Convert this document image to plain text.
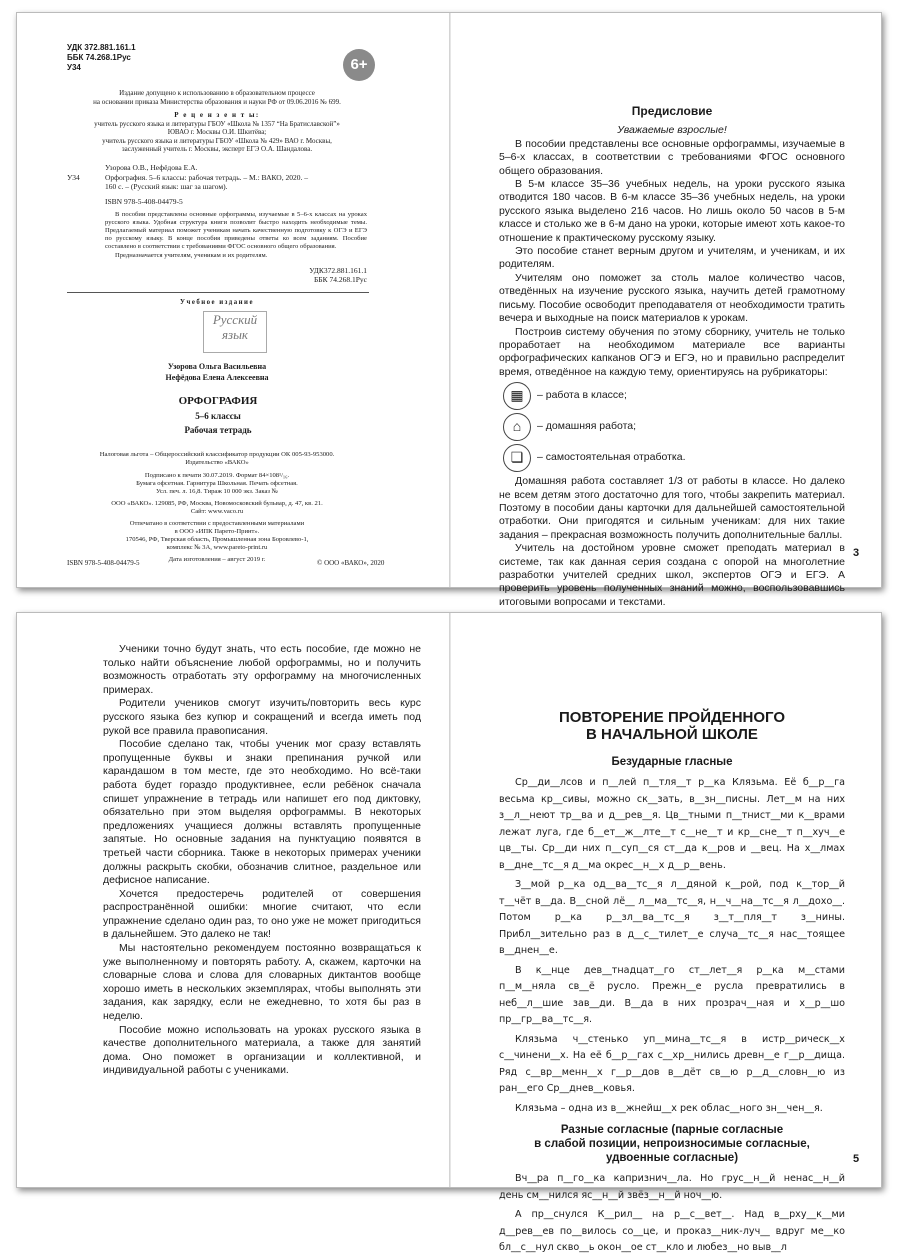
УДК 372.881.161.1
ББК 74.268.1Рус
У34	6+
Издание допущено к использованию в образовательном процессе
на основании приказа Министерства образования и науки РФ от 09.06.2016 № 699.
Р е ц е н з е н т ы:
учитель русского языка и литературы ГБОУ «Школа № 1357 “На Братиславской”»
ЮВАО г. Москвы О.И. Шкитёва;
учитель русского языка и литературы ГБОУ «Школа № 429» ВАО г. Москвы,
заслуженный учитель г. Москвы, эксперт ЕГЭ О.А. Шандалова.
Узорова О.В., Нефёдова Е.А.
У34	Орфография. 5–6 классы: рабочая тетрадь. – М.: ВАКО, 2020. –
160 с. – (Русский язык: шаг за шагом).
ISBN 978-5-408-04479-5
В пособии представлены основные орфограммы, изучаемые в 5–6-х классах на уроках русского языка. Удобная структура книги позволит быстро находить необходимые темы. Предлагаемый материал поможет ученикам начать качественную подготовку к ОГЭ и ЕГЭ по русскому языку. В конце пособия приведены ответы ко всем заданиям. Пособие составлено в соответствии с требованиями ФГОС основного общего образования.
Предназначается учителям, ученикам и их родителям.
УДК372.881.161.1
ББК 74.268.1Рус
Учебное издание
Русский язык
Узорова Ольга Васильевна
Нефёдова Елена Алексеевна
ОРФОГРАФИЯ
5–6 классы
Рабочая тетрадь
Налоговая льгота – Общероссийский классификатор продукции ОК 005-93-953000.
Издательство «ВАКО»
Подписано к печати 30.07.2019. Формат 84×108¹/₁₆.
Бумага офсетная. Гарнитура Школьная. Печать офсетная.
Усл. печ. л. 16,8. Тираж 10 000 экз. Заказ №
ООО «ВАКО». 129085, РФ, Москва, Новомосковский бульвар, д. 47, кв. 21.
Сайт: www.vaco.ru
Отпечатано в соответствии с предоставленными материалами
в ООО «ИПК Парето-Принт».
170546, РФ, Тверская область, Промышленная зона Боровлево-1,
комплекс № 3А, www.pareto-print.ru
Дата изготовления – август 2019 г.
ISBN 978-5-408-04479-5	© ООО «ВАКО», 2020

Предисловие

Уважаемые взрослые!

В пособии представлены все основные орфограммы, изучаемые в 5–6-х классах, в соответствии с требованиями ФГОС основного общего образования.

В 5-м классе 35–36 учебных недель, на уроки русского языка отводится 180 часов. В 6-м классе 35–36 учебных недель, на уроки русского языка выделено 216 часов. Но лишь около 50 часов в 5-м классе и столько же в 6-м дано на уроки, которые имеют хоть какое-то отношение к практическому русскому языку.

Это пособие станет верным другом и учителям, и ученикам, и их родителям.

Учителям оно поможет за столь малое количество часов, отведённых на изучение русского языка, научить детей грамотному письму. Пособие освободит преподавателя от необходимости тратить вечера и выходные на поиск материалов к урокам.

Построив систему обучения по этому сборнику, учитель не только проработает на необходимом материале все варианты орфографических капканов ОГЭ и ЕГЭ, но и правильно распределит время, отведённое на каждую тему, ориентируясь на рубрикаторы:

▦	– работа в классе;
⌂	– домашняя работа;
❏	– самостоятельная отработка.

Домашняя работа составляет 1/3 от работы в классе. Но далеко не всем детям этого достаточно для того, чтобы закрепить материал. Поэтому в пособии даны карточки для дальнейшей самостоятельной отработки. Они пригодятся и сильным ученикам: для них такие задания – прекрасная возможность получить дополнительные баллы.

Учитель на достойном уровне сможет преподать материал в системе, так как данная серия создана с опорой на многолетние разработки учителей средних школ, экспертов ОГЭ и ЕГЭ. А проверить уровень полученных знаний можно, воспользовавшись итоговыми вопросами и текстами.

3

Ученики точно будут знать, что есть пособие, где можно не только найти объяснение любой орфограммы, но и получить возможность отработать эту орфограмму на многочисленных примерах.

Родители учеников смогут изучить/повторить весь курс русского языка без купюр и сокращений и всегда иметь под рукой все правила правописания.

Пособие сделано так, чтобы ученик мог сразу вставлять пропущенные буквы и знаки препинания ручкой или карандашом в том месте, где это необходимо. Но всё-таки работа будет гораздо продуктивнее, если ребёнок сначала спишет упражнение в тетрадь или напишет его под диктовку, обязательно при этом выделяя орфограммы. В некоторых предложениях учащиеся должны вставлять пропущенные запятые. Но основные задания на пунктуацию появятся в третьей части сборника. Также в некоторых примерах ученики должны раскрыть скобки, обозначив слитное, раздельное или дефисное написание.

Хочется предостеречь родителей от совершения распространённой ошибки: многие считают, что если упражнение сделано один раз, то оно уже не может пригодиться в дальнейшем. Это далеко не так!

Мы настоятельно рекомендуем постоянно возвращаться к уже выполненному и повторять работу. А, скажем, карточки на словарные слова и слова для словарных диктантов вообще хорошо иметь в нескольких экземплярах, чтобы выполнять эти задания, как зарядку, если не ежедневно, то хотя бы раз в неделю.

Пособие можно использовать на уроках русского языка в качестве дополнительного материала, а также для занятий дома. Оно поможет в организации и коллективной, и индивидуальной работы с учениками.

ПОВТОРЕНИЕ ПРОЙДЕННОГО
В НАЧАЛЬНОЙ ШКОЛЕ
Безударные гласные

Ср__ди__лсов и п__лей п__тля__т р__ка Клязьма. Её б__р__га весьма кр__сивы, можно ск__зать, в__зн__писны. Лет__м на них з__л__неют тр__ва и д__рев__я. Цв__тными п__тнист__ми к__врами лежат луга, где б__ет__ж__лте__т с__не__т и кр__сне__т п__хуч__е цв__ты. Ср__ди них п__суп__ся ст__да к__ров и __вец. На х__лмах в__дне__тс__я д__ма окрес__н__х д__р__вень.

З__мой р__ка од__ва__тс__я л__дяной к__рой, под к__тор__й т__чёт в__да. В__сной лё__ л__ма__тс__я, н__ч__на__тс__я л__дохо__. Потом р__ка р__зл__ва__тс__я з__т__пля__т з__нины. Прибл__зительно раз в д__с__тилет__е случа__тс__я нас__тоящее в__днен__е.

В к__нце дев__тнадцат__го ст__лет__я р__ка м__стами п__м__няла св__ё русло. Прежн__е русла превратились в неб__л__шие зав__ди. В__да в них прозрач__ная и х__р__шо пр__гр__ва__тс__я.

Клязьма ч__стенько уп__мина__тс__я в истр__рическ__х с__чинени__х. На её б__р__гах с__хр__нились древн__е г__р__дища. Ряд с__вр__менн__х г__р__дов в__дёт св__ю р__д__словн__ю из ран__его Ср__днев__ковья.

Клязьма – одна из в__жнейш__х рек облас__ного зн__чен__я.

Разные согласные (парные согласные
в слабой позиции, непроизносимые согласные,
удвоенные согласные)

Вч__ра п__го__ка капризнич__ла. Но грус__н__й ненас__н__й день см__нился яс__н__й звёз__н__й ноч__ю.

А пр__снулся К__рил__ на р__с__вет__. Над в__рху__к__ми д__рев__ев по__вилось со__це, и проказ__ник-луч__ вдруг ме__ко бл__с__нул скво__ь окон__ое ст__кло и любез__но выв__л

5
